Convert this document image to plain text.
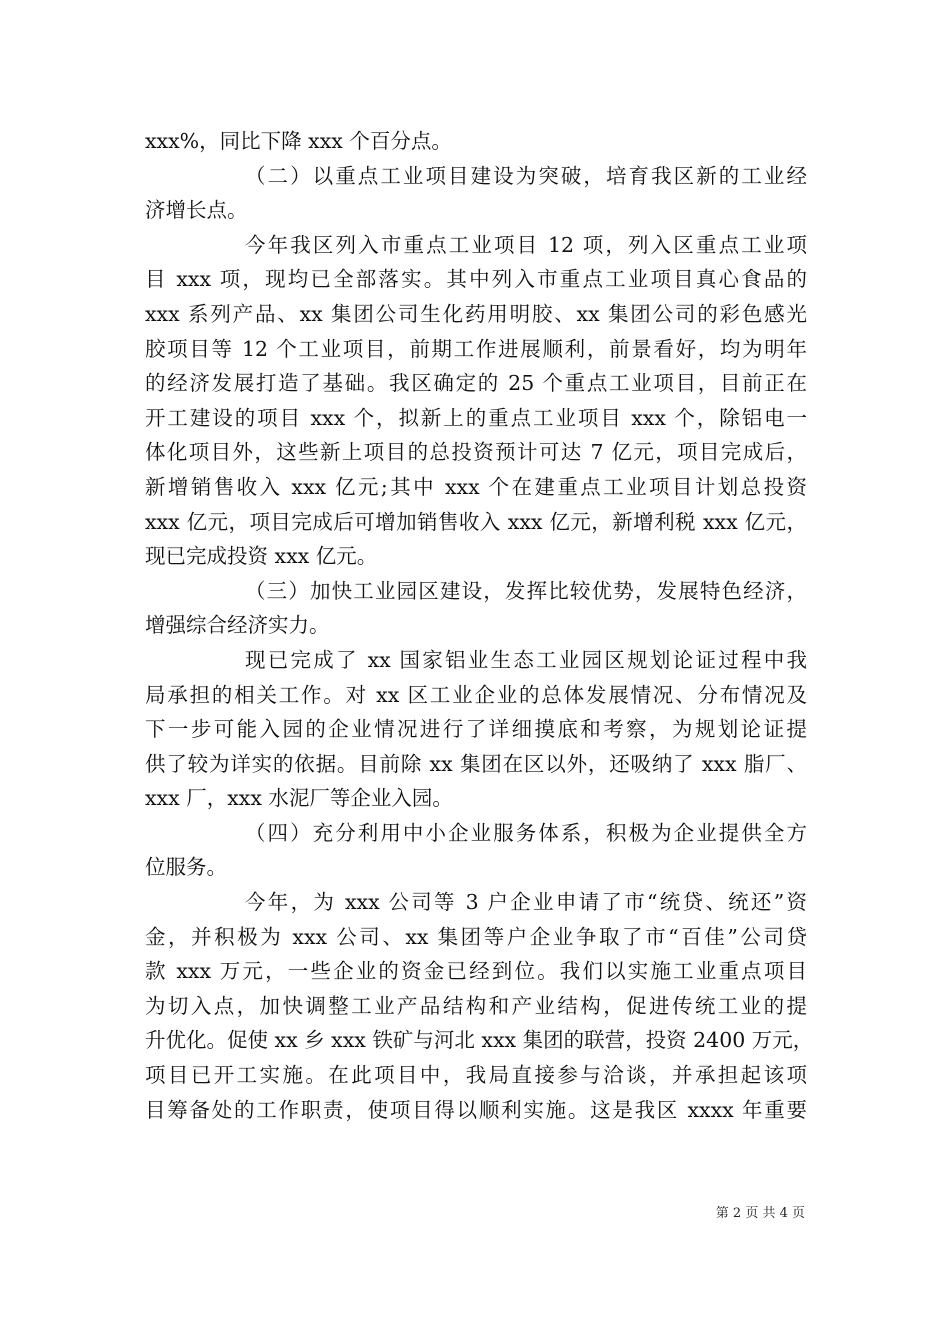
xxx%，同比下降 xxx 个百分点。
（二）以重点工业项目建设为突破，培育我区新的工业经
济增长点。
今年我区列入市重点工业项目 12 项，列入区重点工业项
目 xxx 项，现均已全部落实。其中列入市重点工业项目真心食品的
xxx 系列产品、xx 集团公司生化药用明胶、xx 集团公司的彩色感光
胶项目等 12 个工业项目，前期工作进展顺利，前景看好，均为明年
的经济发展打造了基础。我区确定的 25 个重点工业项目，目前正在
开工建设的项目 xxx 个，拟新上的重点工业项目 xxx 个，除铝电一
体化项目外，这些新上项目的总投资预计可达 7 亿元，项目完成后，
新增销售收入 xxx 亿元;其中 xxx 个在建重点工业项目计划总投资
xxx 亿元，项目完成后可增加销售收入 xxx 亿元，新增利税 xxx 亿元，
现已完成投资 xxx 亿元。
（三）加快工业园区建设，发挥比较优势，发展特色经济，
增强综合经济实力。
现已完成了 xx 国家铝业生态工业园区规划论证过程中我
局承担的相关工作。对 xx 区工业企业的总体发展情况、分布情况及
下一步可能入园的企业情况进行了详细摸底和考察，为规划论证提
供了较为详实的依据。目前除 xx 集团在区以外，还吸纳了 xxx 脂厂、
xxx 厂，xxx 水泥厂等企业入园。
（四）充分利用中小企业服务体系，积极为企业提供全方
位服务。
今年，为 xxx 公司等 3 户企业申请了市“统贷、统还”资
金，并积极为 xxx 公司、xx 集团等户企业争取了市“百佳”公司贷
款 xxx 万元，一些企业的资金已经到位。我们以实施工业重点项目
为切入点，加快调整工业产品结构和产业结构，促进传统工业的提
升优化。促使 xx 乡 xxx 铁矿与河北 xxx 集团的联营，投资 2400 万元，
项目已开工实施。在此项目中，我局直接参与洽谈，并承担起该项
目筹备处的工作职责，使项目得以顺利实施。这是我区 xxxx 年重要
第 2 页 共 4 页
